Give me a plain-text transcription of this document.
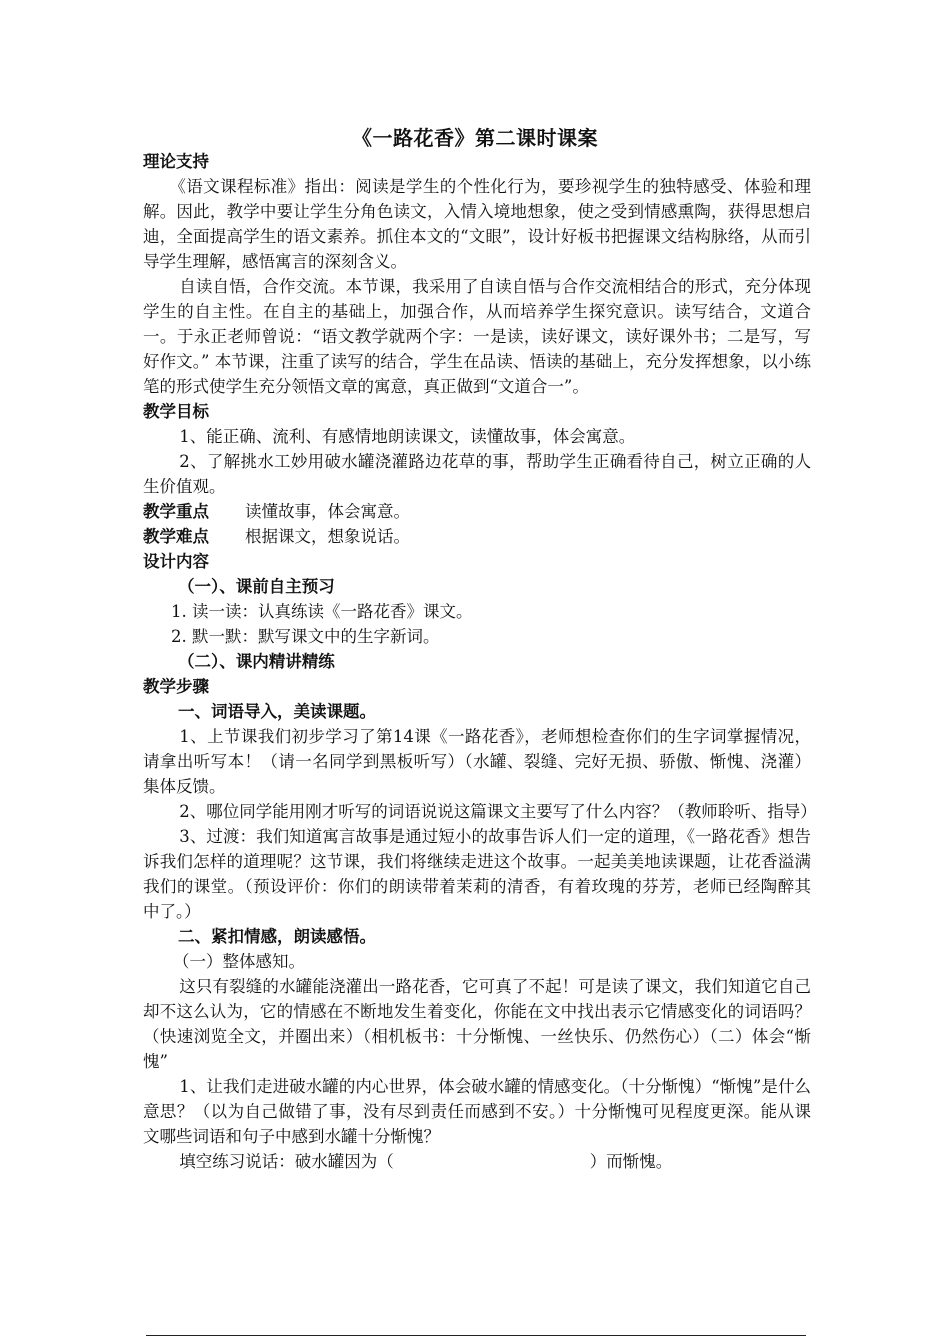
《一路花香》第二课时课案

理论支持

《语文课程标准》指出：阅读是学生的个性化行为，要珍视学生的独特感受、体验和理解。因此，教学中要让学生分角色读文，入情入境地想象，使之受到情感熏陶，获得思想启迪，全面提高学生的语文素养。抓住本文的“文眼”，设计好板书把握课文结构脉络，从而引导学生理解，感悟寓言的深刻含义。

自读自悟，合作交流。本节课，我采用了自读自悟与合作交流相结合的形式，充分体现学生的自主性。在自主的基础上，加强合作，从而培养学生探究意识。读写结合，文道合一。于永正老师曾说：“语文教学就两个字：一是读，读好课文，读好课外书；二是写，写好作文。” 本节课，注重了读写的结合，学生在品读、悟读的基础上，充分发挥想象，以小练笔的形式使学生充分领悟文章的寓意，真正做到“文道合一”。

教学目标

1、能正确、流利、有感情地朗读课文，读懂故事，体会寓意。

2、了解挑水工妙用破水罐浇灌路边花草的事，帮助学生正确看待自己，树立正确的人生价值观。

教学重点 读懂故事，体会寓意。

教学难点 根据课文，想象说话。

设计内容

（一）、课前自主预习

1. 读一读：认真练读《一路花香》课文。

2. 默一默：默写课文中的生字新词。

（二）、课内精讲精练

教学步骤

一、词语导入，美读课题。

1、上节课我们初步学习了第14课《一路花香》，老师想检查你们的生字词掌握情况，请拿出听写本！（请一名同学到黑板听写）（水罐、裂缝、完好无损、骄傲、惭愧、浇灌）集体反馈。

2、哪位同学能用刚才听写的词语说说这篇课文主要写了什么内容？（教师聆听、指导）

3、过渡：我们知道寓言故事是通过短小的故事告诉人们一定的道理，《一路花香》想告诉我们怎样的道理呢？这节课，我们将继续走进这个故事。一起美美地读课题，让花香溢满我们的课堂。（预设评价：你们的朗读带着茉莉的清香，有着玫瑰的芬芳，老师已经陶醉其中了。）

二、紧扣情感，朗读感悟。

（一）整体感知。

这只有裂缝的水罐能浇灌出一路花香，它可真了不起！可是读了课文，我们知道它自己却不这么认为，它的情感在不断地发生着变化，你能在文中找出表示它情感变化的词语吗？（快速浏览全文，并圈出来）（相机板书：十分惭愧、一丝快乐、仍然伤心）（二）体会“惭愧”

1、让我们走进破水罐的内心世界，体会破水罐的情感变化。（十分惭愧）“惭愧”是什么意思？（以为自己做错了事，没有尽到责任而感到不安。）十分惭愧可见程度更深。能从课文哪些词语和句子中感到水罐十分惭愧？

填空练习说话：破水罐因为（	）而惭愧。
